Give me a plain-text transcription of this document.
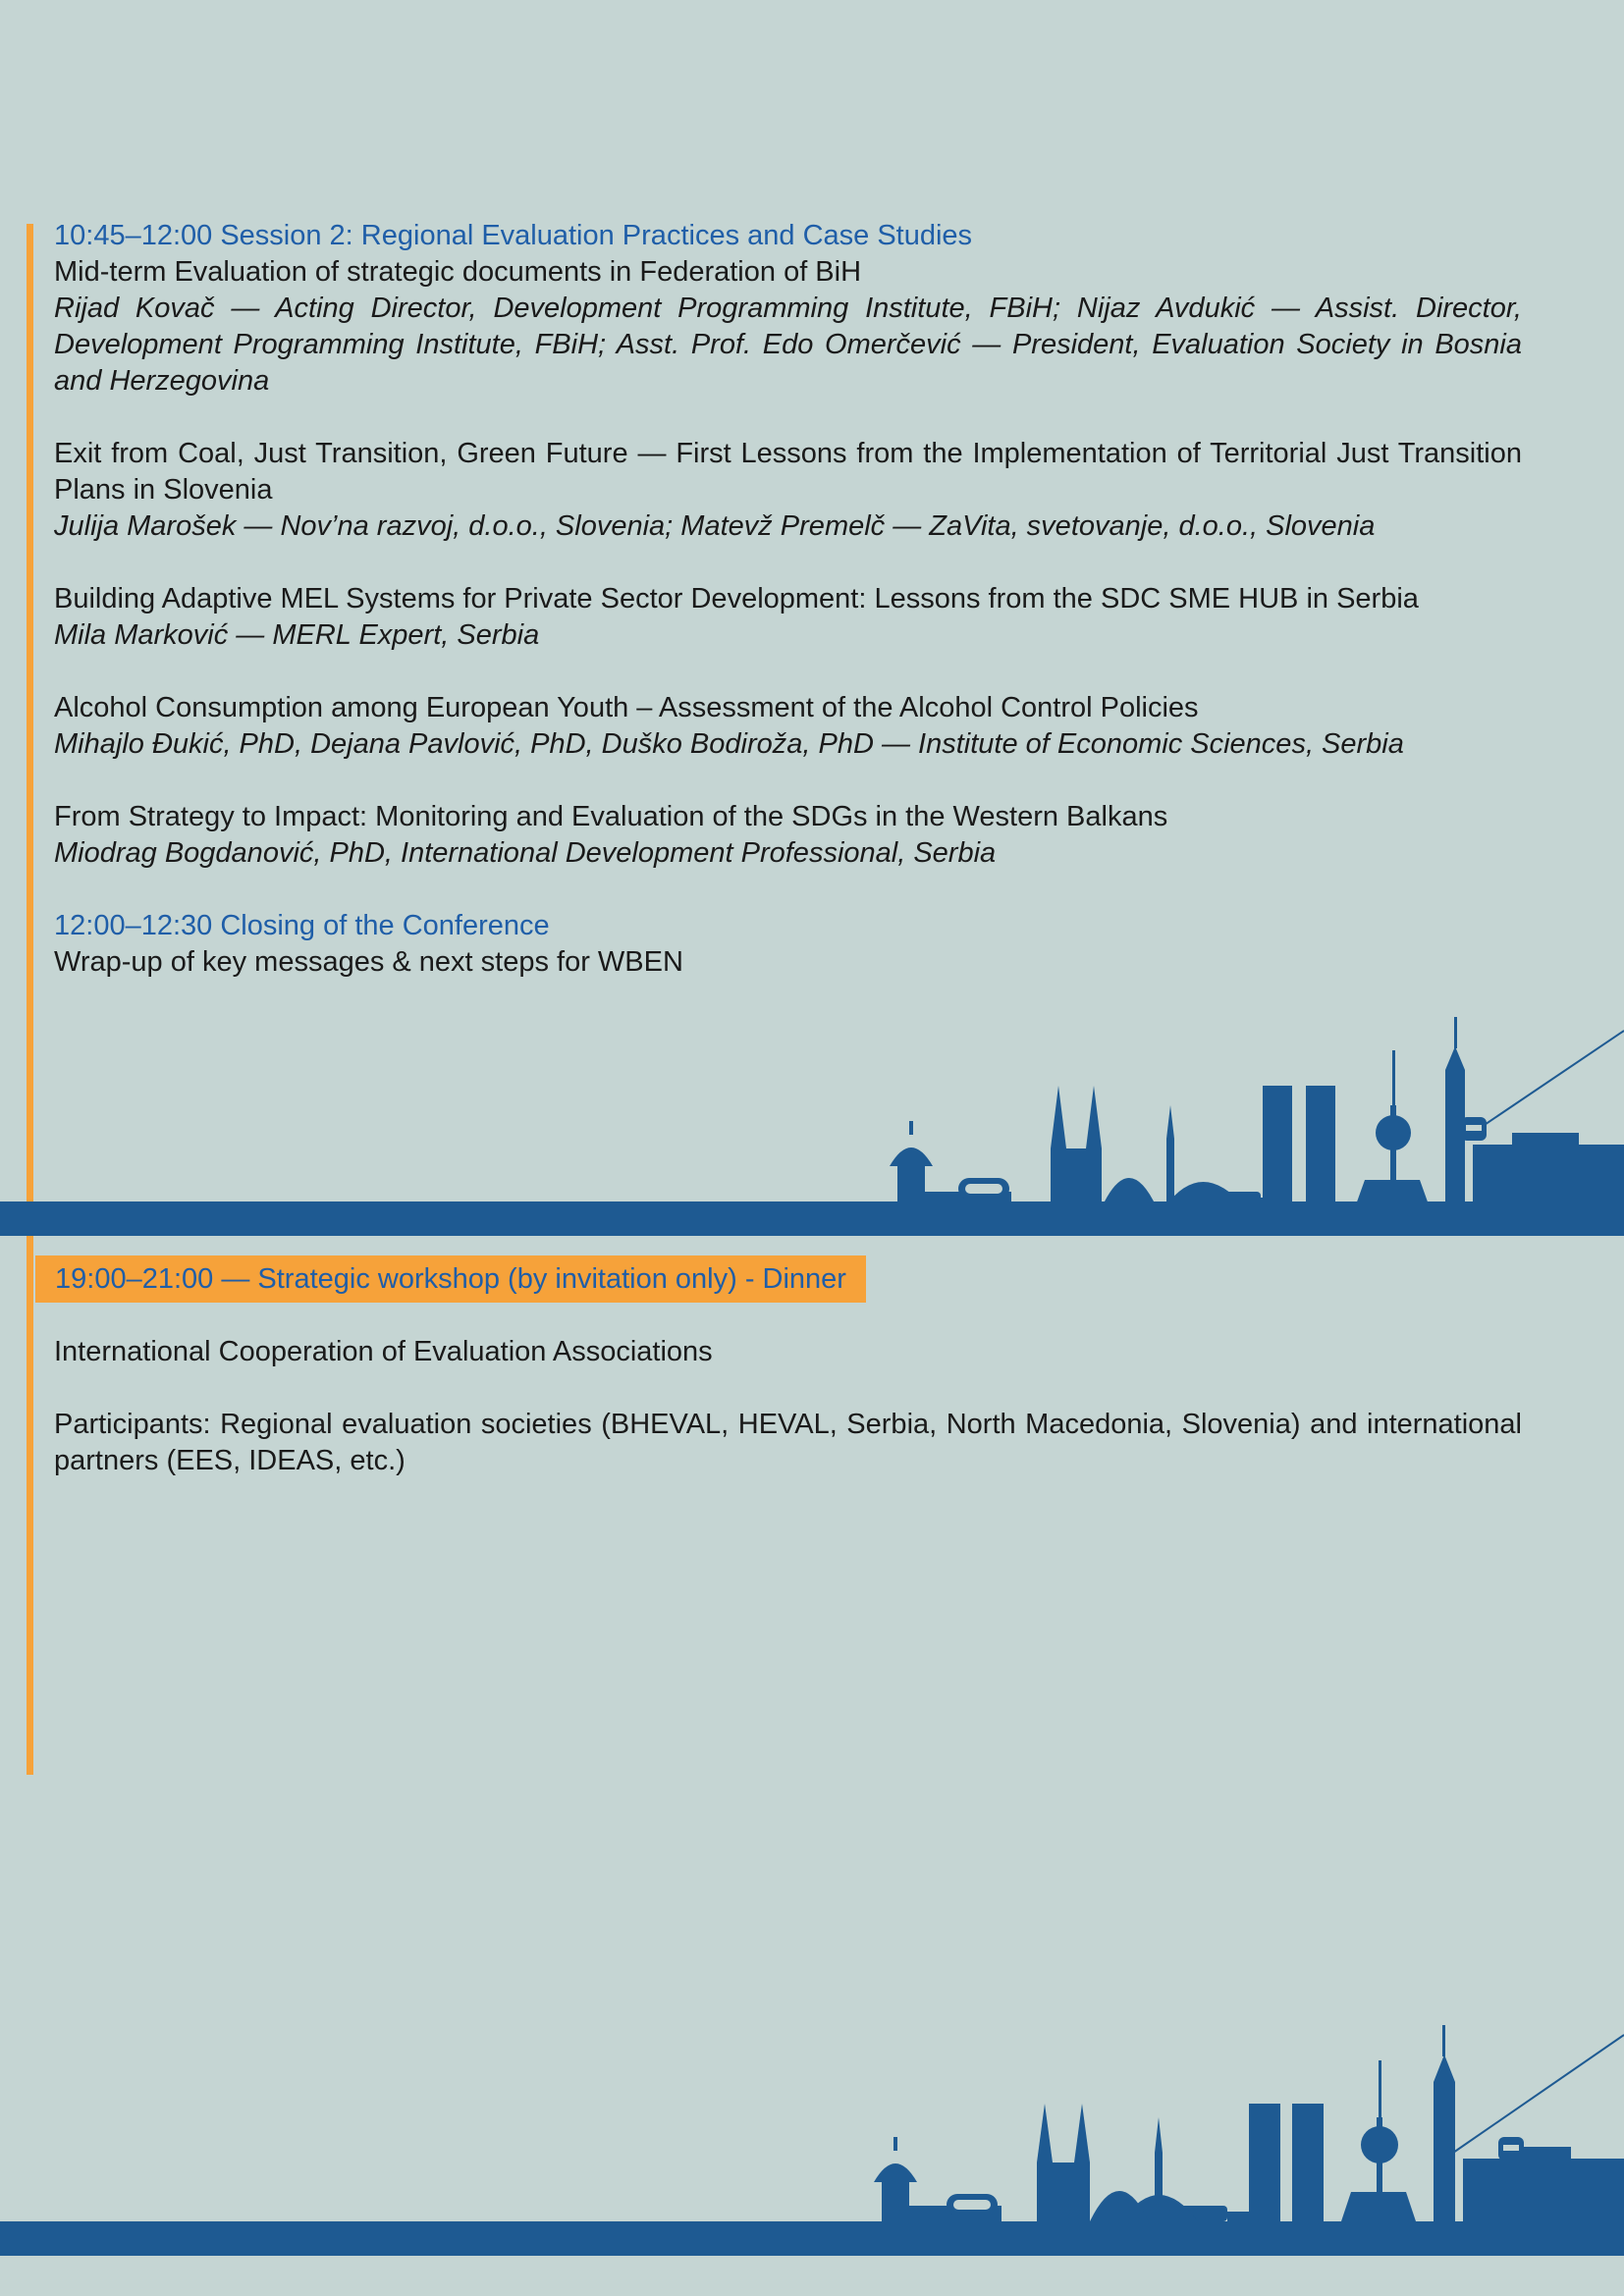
10:45–12:00 Session 2: Regional Evaluation Practices and Case Studies

Mid-term Evaluation of strategic documents in Federation of BiH

Rijad Kovač — Acting Director, Development Programming Institute, FBiH; Nijaz Avdukić — Assist. Director, Development Programming Institute, FBiH; Asst. Prof. Edo Omerčević — President, Evaluation Society in Bosnia and Herzegovina

Exit from Coal, Just Transition, Green Future — First Lessons from the Implementation of Territorial Just Transition Plans in Slovenia

Julija Marošek — Nov’na razvoj, d.o.o., Slovenia; Matevž Premelč — ZaVita, svetovanje, d.o.o., Slovenia

Building Adaptive MEL Systems for Private Sector Development: Lessons from the SDC SME HUB in Serbia

Mila Marković — MERL Expert, Serbia

Alcohol Consumption among European Youth – Assessment of the Alcohol Control Policies

Mihajlo Đukić, PhD, Dejana Pavlović, PhD, Duško Bodiroža, PhD — Institute of Economic Sciences, Serbia

From Strategy to Impact: Monitoring and Evaluation of the SDGs in the Western Balkans

Miodrag Bogdanović, PhD, International Development Professional, Serbia

12:00–12:30 Closing of the Conference

Wrap-up of key messages & next steps for WBEN

19:00–21:00 — Strategic workshop (by invitation only) - Dinner

International Cooperation of Evaluation Associations

Participants: Regional evaluation societies (BHEVAL, HEVAL, Serbia, North Macedonia, Slovenia) and international partners (EES, IDEAS, etc.)
